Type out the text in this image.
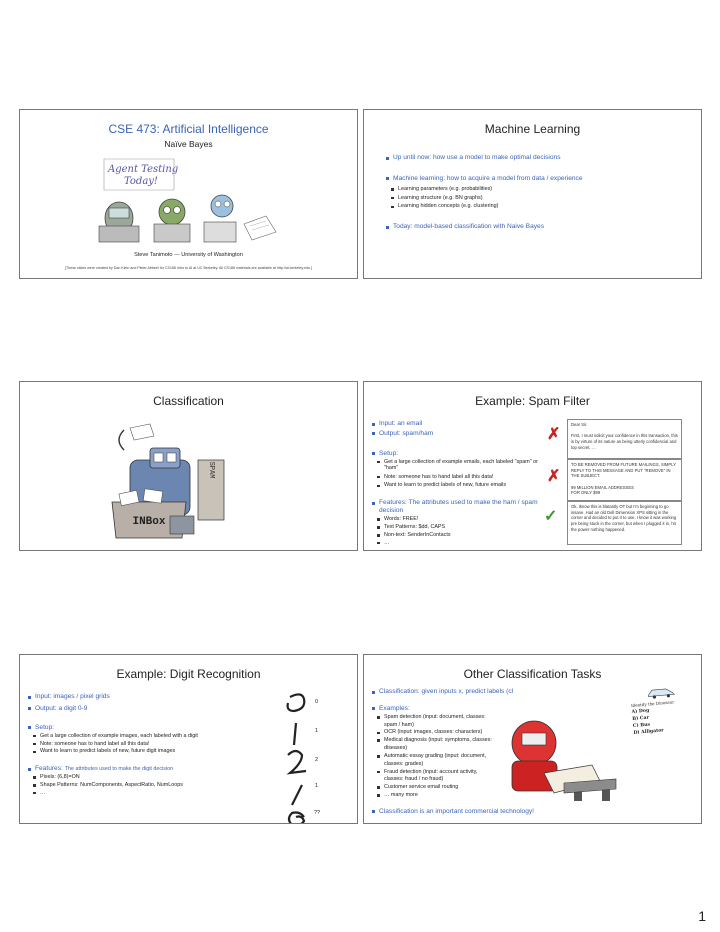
CSE 473: Artificial Intelligence
Naïve Bayes
Agent Testing
Today!
Steve Tanimoto --- University of Washington
[These slides were created by Dan Klein and Pieter Abbeel for CS188 Intro to AI at UC Berkeley. All CS188 materials are available at http://ai.berkeley.edu.]
Machine Learning
Up until now: how use a model to make optimal decisions
Machine learning: how to acquire a model from data / experience
Learning parameters (e.g. probabilities)
Learning structure (e.g. BN graphs)
Learning hidden concepts (e.g. clustering)
Today: model-based classification with Naive Bayes
Classification
SPAM
INBox
Example: Spam Filter
Input: an email
Output: spam/ham
Setup:
Get a large collection of example emails, each labeled "spam" or "ham"
Note: someone has to hand label all this data!
Want to learn to predict labels of new, future emails
Features: The attributes used to make the ham / spam decision
Words: FREE!
Text Patterns: $dd, CAPS
Non-text: SenderInContacts
…
✗
✗
✓
Dear Sir.

First, I must solicit your confidence in this transaction, this is by virture of its nature as being utterly confidencial and top secret. …
TO BE REMOVED FROM FUTURE MAILINGS, SIMPLY REPLY TO THIS MESSAGE AND PUT "REMOVE" IN THE SUBJECT.

99 MILLION EMAIL ADDRESSES
FOR ONLY $99
Ok, Iknow this is blatantly OT but I'm beginning to go insane. Had an old Dell Dimension XPS sitting in the corner and decided to put it to use, I know it was working pre being stuck in the corner, but when I plugged it in, hit the power nothing happened.
Example: Digit Recognition
Input: images / pixel grids
Output: a digit 0-9
Setup:
Get a large collection of example images, each labeled with a digit
Note: someone has to hand label all this data!
Want to learn to predict labels of new, future digit images
Features: The attributes used to make the digit decision
Pixels: (6,8)=ON
Shape Patterns: NumComponents, AspectRatio, NumLoops
…
0
1
2
1
??
Other Classification Tasks
Classification: given inputs x, predict labels (cl
Examples:
Spam detection (input: document, classes: spam / ham)
OCR (input: images, classes: characters)
Medical diagnosis (input: symptoms, classes: diseases)
Automatic essay grading (input: document, classes: grades)
Fraud detection (input: account activity, classes: fraud / no fraud)
Customer service email routing
… many more
Classification is an important commercial technology!
Identify the Dinosaur
A) Dog
B) Car
C) Bus
D) Alligator
1
